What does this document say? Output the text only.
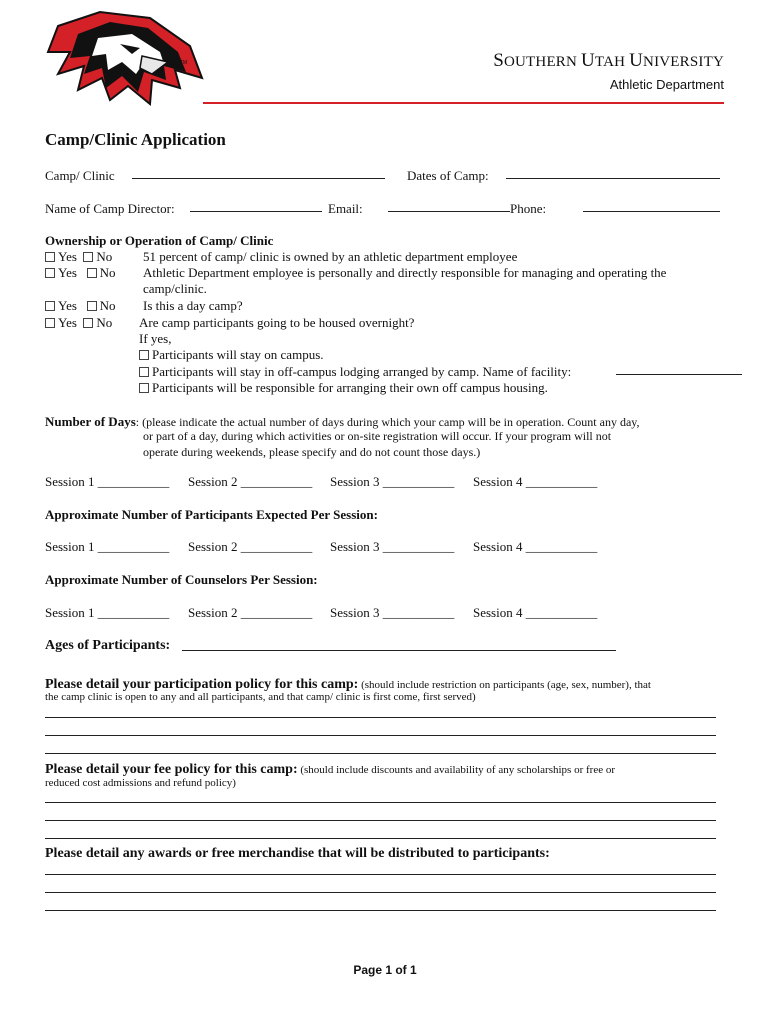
TM	SOUTHERN UTAH UNIVERSITY
Athletic Department
Camp/Clinic Application
Camp/ Clinic	Dates of Camp:
Name of Camp Director:	Email:	Phone:
Ownership or Operation of Camp/ Clinic
Yes No 51 percent of camp/ clinic is owned by an athletic department employee
Yes No Athletic Department employee is personally and directly responsible for managing and operating the
camp/clinic.
Yes No Is this a day camp?
Yes No Are camp participants going to be housed overnight?
If yes,
Participants will stay on campus.
Participants will stay in off-campus lodging arranged by camp. Name of facility:
Participants will be responsible for arranging their own off campus housing.
Number of Days: (please indicate the actual number of days during which your camp will be in operation. Count any day,
or part of a day, during which activities or on-site registration will occur. If your program will not
operate during weekends, please specify and do not count those days.)
Session 1 ___________ Session 2 ___________ Session 3 ___________ Session 4 ___________
Approximate Number of Participants Expected Per Session:
Session 1 ___________ Session 2 ___________ Session 3 ___________ Session 4 ___________
Approximate Number of Counselors Per Session:
Session 1 ___________ Session 2 ___________ Session 3 ___________ Session 4 ___________
Ages of Participants:
Please detail your participation policy for this camp: (should include restriction on participants (age, sex, number), that
the camp clinic is open to any and all participants, and that camp/ clinic is first come, first served)
Please detail your fee policy for this camp: (should include discounts and availability of any scholarships or free or
reduced cost admissions and refund policy)
Please detail any awards or free merchandise that will be distributed to participants:
Page 1 of 1
